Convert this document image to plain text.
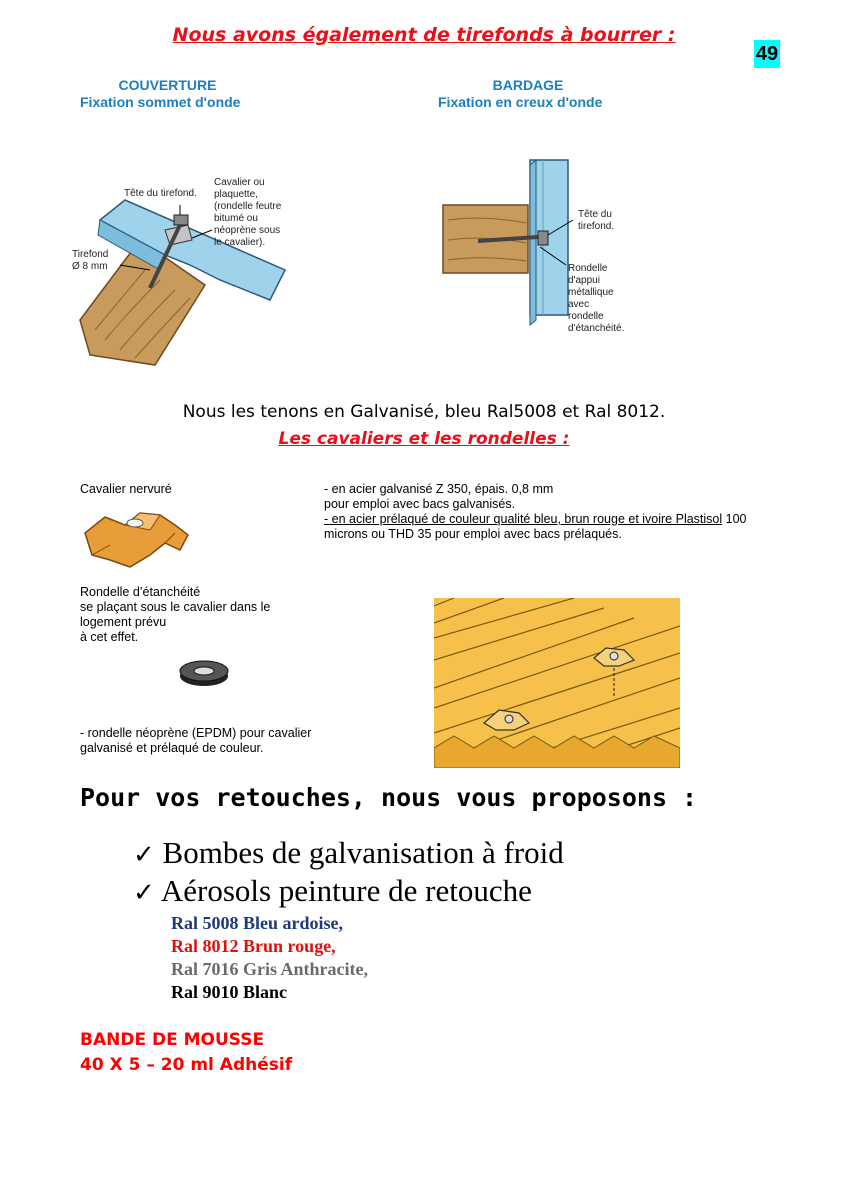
Nous avons également de tirefonds à bourrer :
49
COUVERTURE
Fixation sommet d'onde
BARDAGE
Fixation en creux d'onde
Tête du tirefond.
Cavalier ou
plaquette,
(rondelle feutre
bitumé ou
néoprène sous
le cavalier).
Tirefond
Ø 8 mm
Tête du
tirefond.
Rondelle
d'appui
métallique
avec
rondelle
d'étanchéité.
Nous les tenons en Galvanisé, bleu Ral5008 et Ral 8012.
Les cavaliers et les rondelles :
Cavalier nervuré	- en acier galvanisé Z 350, épais. 0,8 mm
pour emploi avec bacs galvanisés.
- en acier prélaqué de couleur qualité bleu, brun rouge et ivoire Plastisol 100
microns ou THD 35 pour emploi avec bacs prélaqués.
Rondelle d’étanchéité
se plaçant sous le cavalier dans le
logement prévu
à cet effet.
- rondelle néoprène (EPDM) pour cavalier
galvanisé et prélaqué de couleur.
Pour vos retouches, nous vous proposons :
✓ Bombes de galvanisation à froid
✓ Aérosols peinture de retouche
Ral 5008 Bleu ardoise,
Ral 8012 Brun rouge,
Ral 7016 Gris Anthracite,
Ral 9010 Blanc
BANDE DE MOUSSE
40 X 5 – 20 ml Adhésif
